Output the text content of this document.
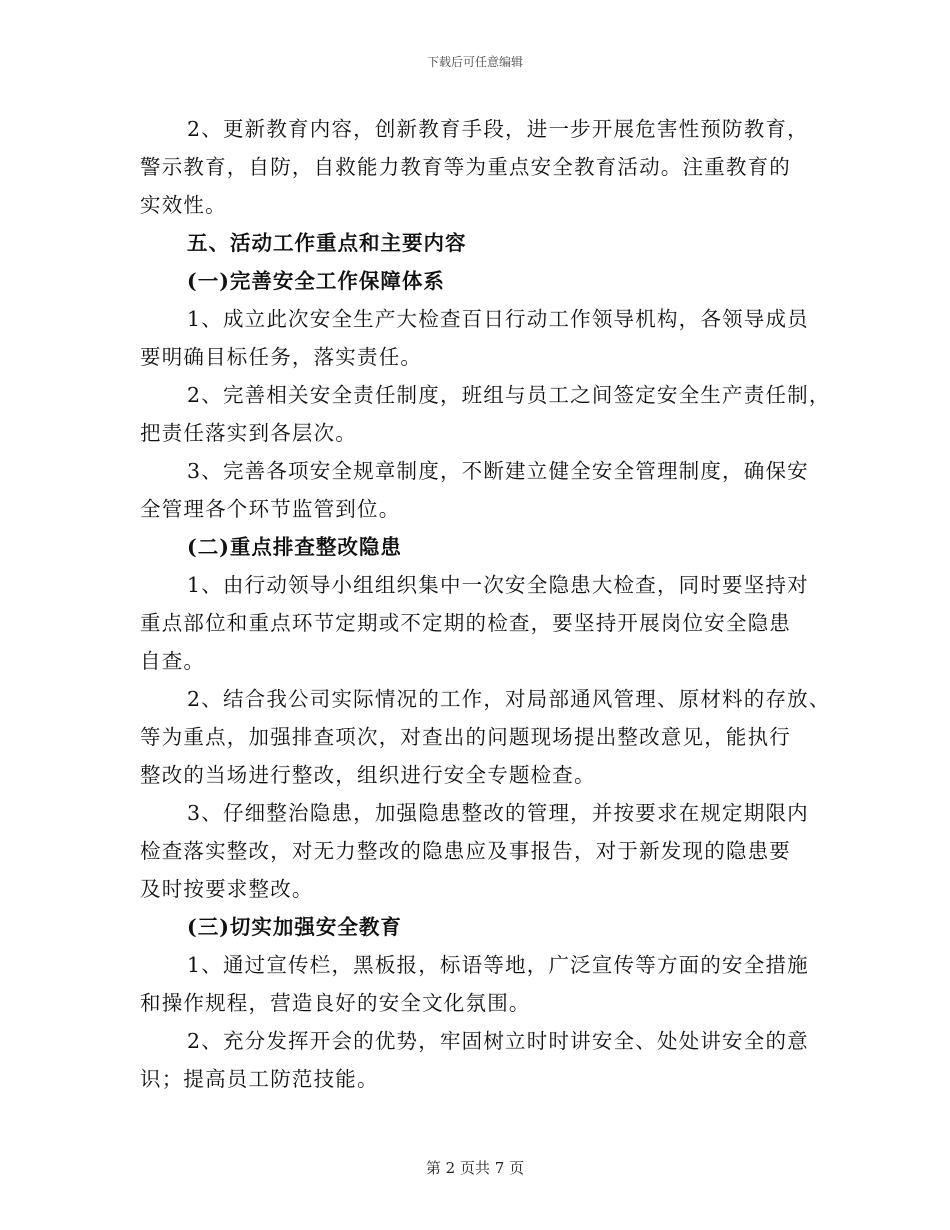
下载后可任意编辑
2、更新教育内容，创新教育手段，进一步开展危害性预防教育，
警示教育，自防，自救能力教育等为重点安全教育活动。注重教育的
实效性。
五、活动工作重点和主要内容
(一)完善安全工作保障体系
1、成立此次安全生产大检查百日行动工作领导机构，各领导成员
要明确目标任务，落实责任。
2、完善相关安全责任制度，班组与员工之间签定安全生产责任制，
把责任落实到各层次。
3、完善各项安全规章制度，不断建立健全安全管理制度，确保安
全管理各个环节监管到位。
(二)重点排查整改隐患
1、由行动领导小组组织集中一次安全隐患大检查，同时要坚持对
重点部位和重点环节定期或不定期的检查，要坚持开展岗位安全隐患
自查。
2、结合我公司实际情况的工作，对局部通风管理、原材料的存放、
等为重点，加强排查项次，对查出的问题现场提出整改意见，能执行
整改的当场进行整改，组织进行安全专题检查。
3、仔细整治隐患，加强隐患整改的管理，并按要求在规定期限内
检查落实整改，对无力整改的隐患应及事报告，对于新发现的隐患要
及时按要求整改。
(三)切实加强安全教育
1、通过宣传栏，黑板报，标语等地，广泛宣传等方面的安全措施
和操作规程，营造良好的安全文化氛围。
2、充分发挥开会的优势，牢固树立时时讲安全、处处讲安全的意
识；提高员工防范技能。
第 2 页共 7 页
